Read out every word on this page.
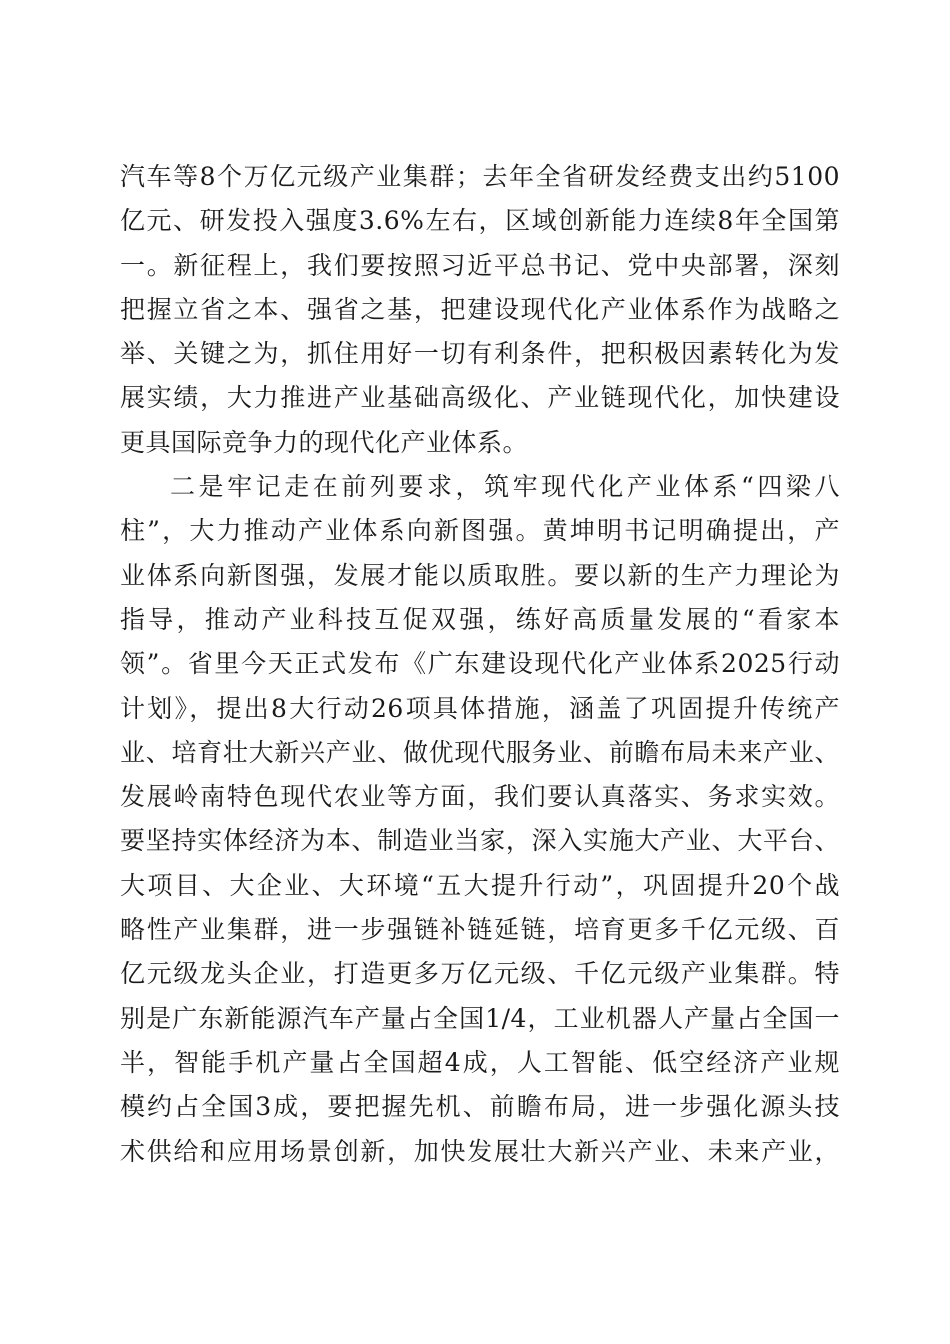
汽车等8个万亿元级产业集群；去年全省研发经费支出约5100
亿元、研发投入强度3.6%左右，区域创新能力连续8年全国第
一。新征程上，我们要按照习近平总书记、党中央部署，深刻
把握立省之本、强省之基，把建设现代化产业体系作为战略之
举、关键之为，抓住用好一切有利条件，把积极因素转化为发
展实绩，大力推进产业基础高级化、产业链现代化，加快建设
更具国际竞争力的现代化产业体系。
二是牢记走在前列要求，筑牢现代化产业体系“四梁八
柱”，大力推动产业体系向新图强。黄坤明书记明确提出，产
业体系向新图强，发展才能以质取胜。要以新的生产力理论为
指导，推动产业科技互促双强，练好高质量发展的“看家本
领”。省里今天正式发布《广东建设现代化产业体系2025行动
计划》，提出8大行动26项具体措施，涵盖了巩固提升传统产
业、培育壮大新兴产业、做优现代服务业、前瞻布局未来产业、
发展岭南特色现代农业等方面，我们要认真落实、务求实效。
要坚持实体经济为本、制造业当家，深入实施大产业、大平台、
大项目、大企业、大环境“五大提升行动”，巩固提升20个战
略性产业集群，进一步强链补链延链，培育更多千亿元级、百
亿元级龙头企业，打造更多万亿元级、千亿元级产业集群。特
别是广东新能源汽车产量占全国1/4，工业机器人产量占全国一
半，智能手机产量占全国超4成，人工智能、低空经济产业规
模约占全国3成，要把握先机、前瞻布局，进一步强化源头技
术供给和应用场景创新，加快发展壮大新兴产业、未来产业，
